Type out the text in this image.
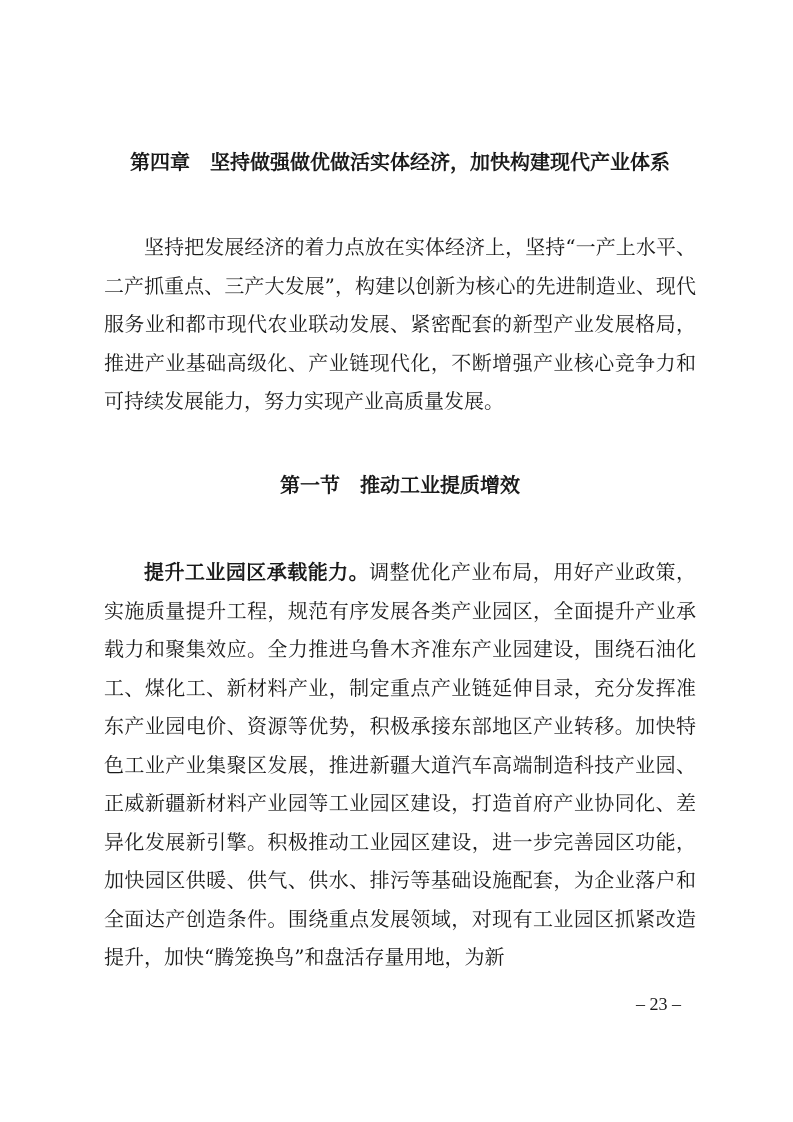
第四章　坚持做强做优做活实体经济，加快构建现代产业体系

坚持把发展经济的着力点放在实体经济上，坚持“一产上水平、二产抓重点、三产大发展”，构建以创新为核心的先进制造业、现代服务业和都市现代农业联动发展、紧密配套的新型产业发展格局，推进产业基础高级化、产业链现代化，不断增强产业核心竞争力和可持续发展能力，努力实现产业高质量发展。

第一节　推动工业提质增效

提升工业园区承载能力。调整优化产业布局，用好产业政策，实施质量提升工程，规范有序发展各类产业园区，全面提升产业承载力和聚集效应。全力推进乌鲁木齐准东产业园建设，围绕石油化工、煤化工、新材料产业，制定重点产业链延伸目录，充分发挥准东产业园电价、资源等优势，积极承接东部地区产业转移。加快特色工业产业集聚区发展，推进新疆大道汽车高端制造科技产业园、正威新疆新材料产业园等工业园区建设，打造首府产业协同化、差异化发展新引擎。积极推动工业园区建设，进一步完善园区功能，加快园区供暖、供气、供水、排污等基础设施配套，为企业落户和全面达产创造条件。围绕重点发展领域，对现有工业园区抓紧改造提升，加快“腾笼换鸟”和盘活存量用地，为新

– 23 –
